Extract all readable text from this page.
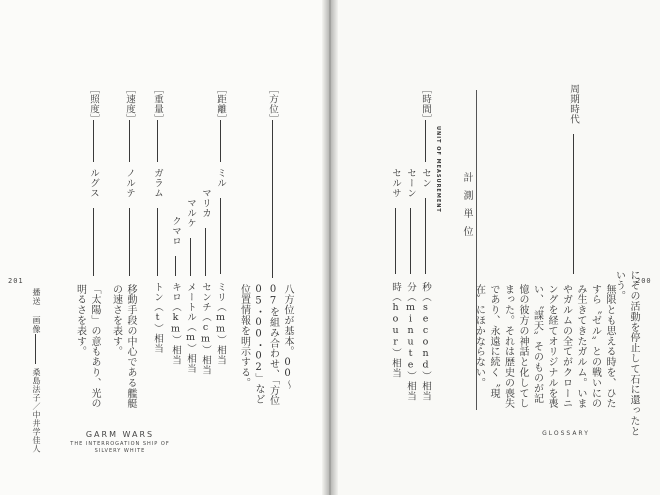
［方位］
八方位が基本。00〜07を組み合わせ、「方位05・00・02」など位置情報を明示する。
［距離］
ミル
ミリ（mm）相当
マリカ
センチ（cm）相当
マルケ
メートル（m）相当
クマロ
キロ（km）相当
［重量］
ガラム
トン（t）相当
［速度］
ノルテ
移動手段の中心である艦艇の速さを表す。
［照度］
ルグス
「太陽」の意もあり、光の明るさを表す。
播送 画像
桑島法子／中井学佳人
201
GARM WARS
THE INTERROGATION SHIP OF
SILVERY WHITE
周期時代
にその活動を停止して石に還ったという。
無限とも思える時を、ひたすら〝ゼル〟との戦いにのみ生きてきたガルム。いまやガルムの全てがクローニングを経てオリジナルを喪い、〝謀天〟そのものが記憶の彼方の神話と化してしまった。それは歴史の喪失であり、永遠に続く〝現在〟にほかならない。
計測単位
UNIT OF MEASUREMENT
［時間］
セン
秒（second）相当
セーン
分（minute）相当
セルサ
時（hour）相当
200
GLOSSARY
